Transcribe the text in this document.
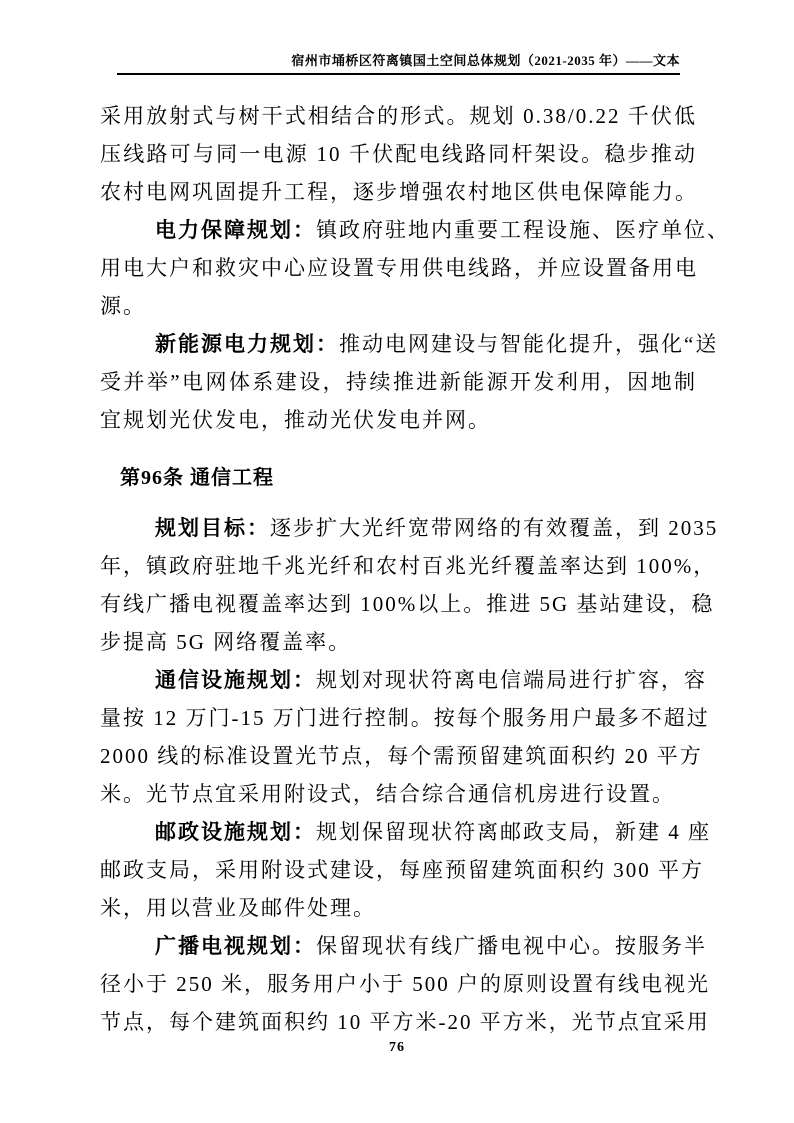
宿州市埇桥区符离镇国土空间总体规划（2021-2035 年）——文本
采用放射式与树干式相结合的形式。规划 0.38/0.22 千伏低
压线路可与同一电源 10 千伏配电线路同杆架设。稳步推动
农村电网巩固提升工程，逐步增强农村地区供电保障能力。
电力保障规划：镇政府驻地内重要工程设施、医疗单位、
用电大户和救灾中心应设置专用供电线路，并应设置备用电
源。
新能源电力规划：推动电网建设与智能化提升，强化“送
受并举”电网体系建设，持续推进新能源开发利用，因地制
宜规划光伏发电，推动光伏发电并网。
第96条 通信工程
规划目标：逐步扩大光纤宽带网络的有效覆盖，到 2035
年，镇政府驻地千兆光纤和农村百兆光纤覆盖率达到 100%，
有线广播电视覆盖率达到 100%以上。推进 5G 基站建设，稳
步提高 5G 网络覆盖率。
通信设施规划：规划对现状符离电信端局进行扩容，容
量按 12 万门-15 万门进行控制。按每个服务用户最多不超过
2000 线的标准设置光节点，每个需预留建筑面积约 20 平方
米。光节点宜采用附设式，结合综合通信机房进行设置。
邮政设施规划：规划保留现状符离邮政支局，新建 4 座
邮政支局，采用附设式建设，每座预留建筑面积约 300 平方
米，用以营业及邮件处理。
广播电视规划：保留现状有线广播电视中心。按服务半
径小于 250 米，服务用户小于 500 户的原则设置有线电视光
节点，每个建筑面积约 10 平方米-20 平方米，光节点宜采用
76
